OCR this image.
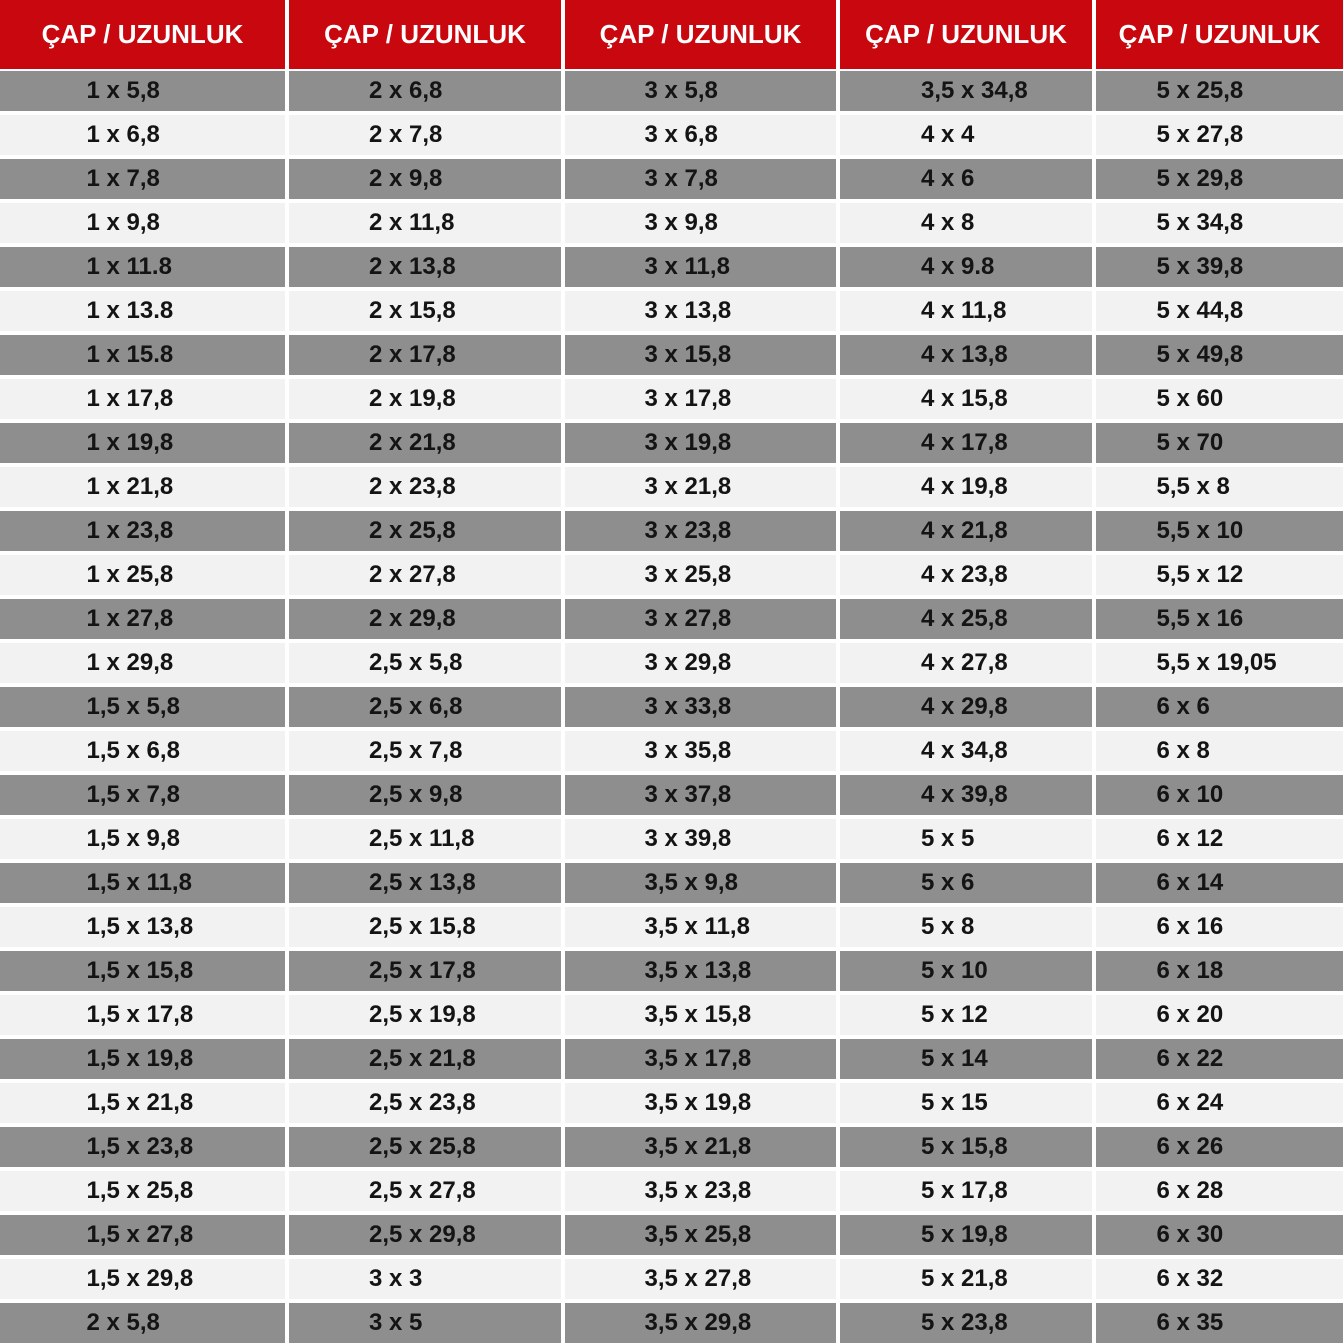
ÇAP / UZUNLUK	ÇAP / UZUNLUK	ÇAP / UZUNLUK	ÇAP / UZUNLUK	ÇAP / UZUNLUK
1 x 5,8	2 x 6,8	3 x 5,8	3,5 x 34,8	5 x 25,8
1 x 6,8	2 x 7,8	3 x 6,8	4 x 4	5 x 27,8
1 x 7,8	2 x 9,8	3 x 7,8	4 x 6	5 x 29,8
1 x 9,8	2 x 11,8	3 x 9,8	4 x 8	5 x 34,8
1 x 11.8	2 x 13,8	3 x 11,8	4 x 9.8	5 x 39,8
1 x 13.8	2 x 15,8	3 x 13,8	4 x 11,8	5 x 44,8
1 x 15.8	2 x 17,8	3 x 15,8	4 x 13,8	5 x 49,8
1 x 17,8	2 x 19,8	3 x 17,8	4 x 15,8	5 x 60
1 x 19,8	2 x 21,8	3 x 19,8	4 x 17,8	5 x 70
1 x 21,8	2 x 23,8	3 x 21,8	4 x 19,8	5,5 x 8
1 x 23,8	2 x 25,8	3 x 23,8	4 x 21,8	5,5 x 10
1 x 25,8	2 x 27,8	3 x 25,8	4 x 23,8	5,5 x 12
1 x 27,8	2 x 29,8	3 x 27,8	4 x 25,8	5,5 x 16
1 x 29,8	2,5 x 5,8	3 x 29,8	4 x 27,8	5,5 x 19,05
1,5 x 5,8	2,5 x 6,8	3 x 33,8	4 x 29,8	6 x 6
1,5 x 6,8	2,5 x 7,8	3 x 35,8	4 x 34,8	6 x 8
1,5 x 7,8	2,5 x 9,8	3 x 37,8	4 x 39,8	6 x 10
1,5 x 9,8	2,5 x 11,8	3 x 39,8	5 x 5	6 x 12
1,5 x 11,8	2,5 x 13,8	3,5 x 9,8	5 x 6	6 x 14
1,5 x 13,8	2,5 x 15,8	3,5 x 11,8	5 x 8	6 x 16
1,5 x 15,8	2,5 x 17,8	3,5 x 13,8	5 x 10	6 x 18
1,5 x 17,8	2,5 x 19,8	3,5 x 15,8	5 x 12	6 x 20
1,5 x 19,8	2,5 x 21,8	3,5 x 17,8	5 x 14	6 x 22
1,5 x 21,8	2,5 x 23,8	3,5 x 19,8	5 x 15	6 x 24
1,5 x 23,8	2,5 x 25,8	3,5 x 21,8	5 x 15,8	6 x 26
1,5 x 25,8	2,5 x 27,8	3,5 x 23,8	5 x 17,8	6 x 28
1,5 x 27,8	2,5 x 29,8	3,5 x 25,8	5 x 19,8	6 x 30
1,5 x 29,8	3 x 3	3,5 x 27,8	5 x 21,8	6 x 32
2 x 5,8	3 x 5	3,5 x 29,8	5 x 23,8	6 x 35
